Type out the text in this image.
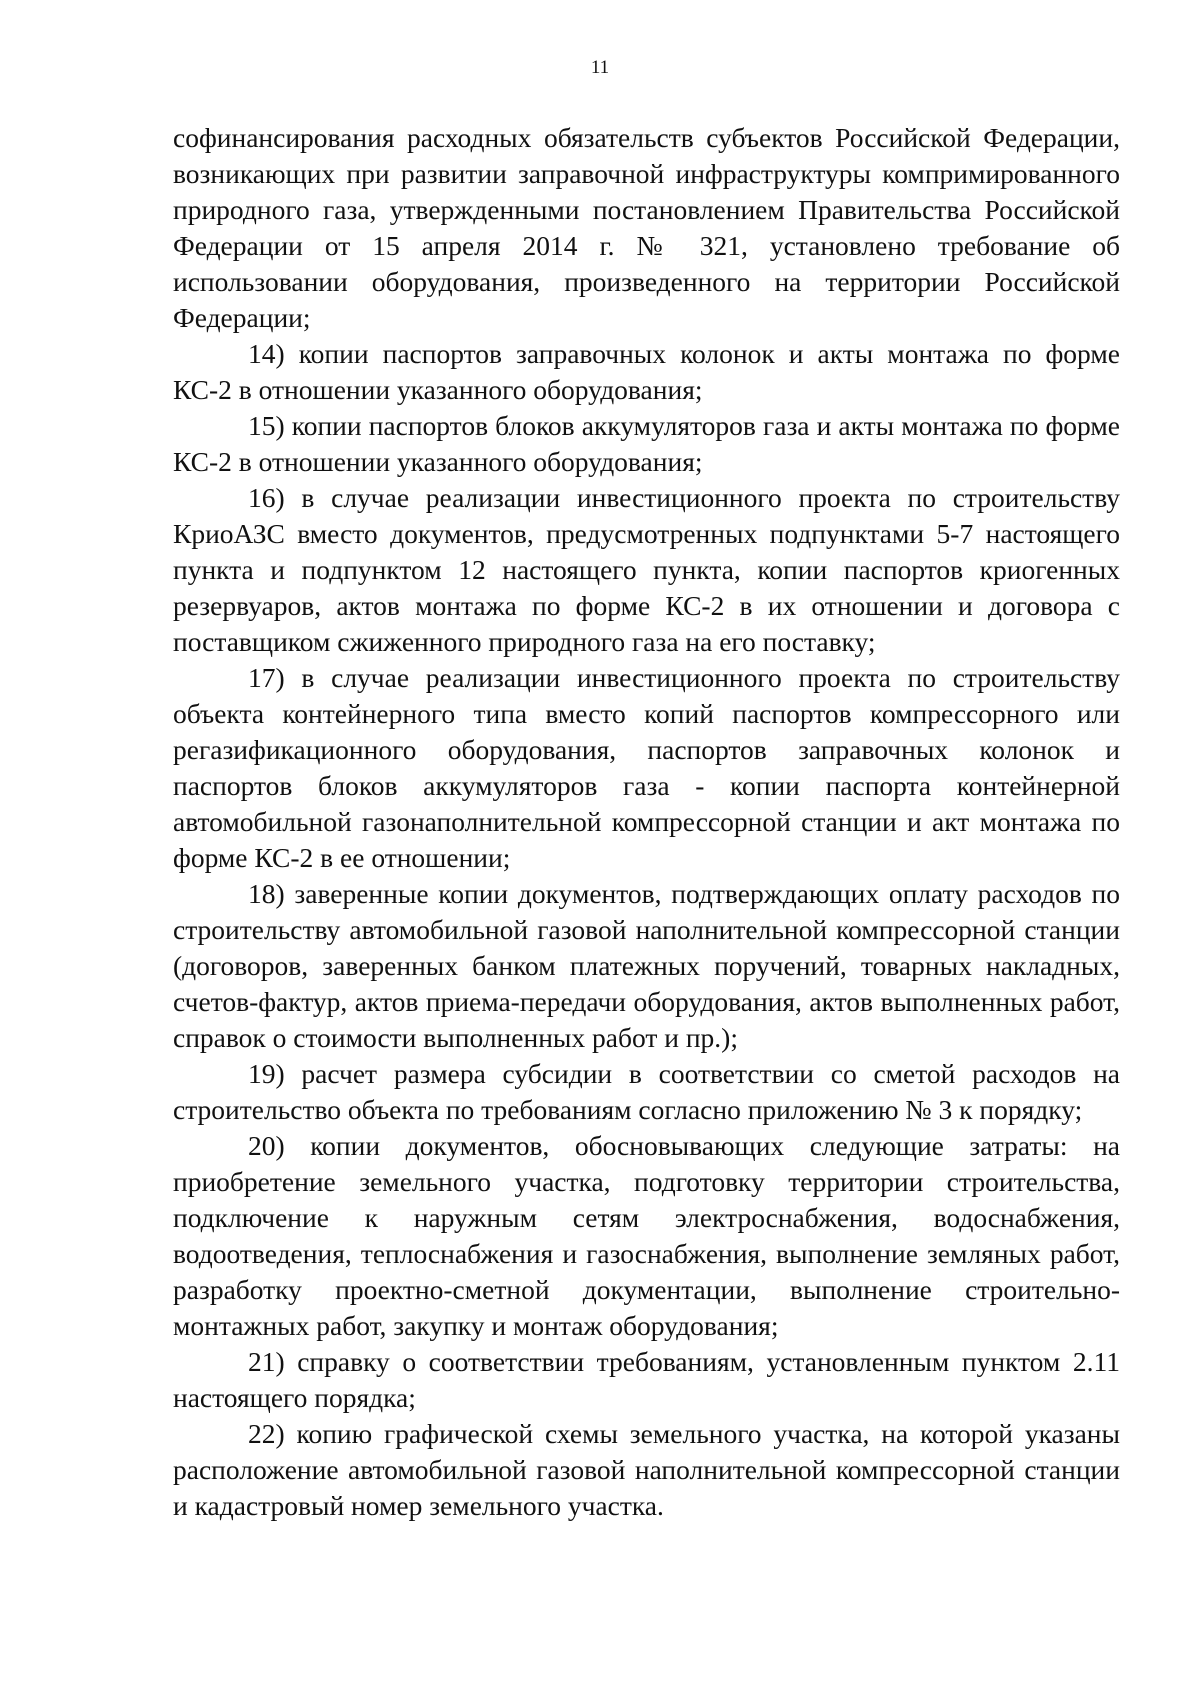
11

софинансирования расходных обязательств субъектов Российской Федерации, возникающих при развитии заправочной инфраструктуры компримированного природного газа, утвержденными постановлением Правительства Российской Федерации от 15 апреля 2014 г. № 321, установлено требование об использовании оборудования, произведенного на территории Российской Федерации;

14) копии паспортов заправочных колонок и акты монтажа по форме КС-2 в отношении указанного оборудования;

15) копии паспортов блоков аккумуляторов газа и акты монтажа по форме КС-2 в отношении указанного оборудования;

16) в случае реализации инвестиционного проекта по строительству КриоАЗС вместо документов, предусмотренных подпунктами 5-7 настоящего пункта и подпунктом 12 настоящего пункта, копии паспортов криогенных резервуаров, актов монтажа по форме КС-2 в их отношении и договора с поставщиком сжиженного природного газа на его поставку;

17) в случае реализации инвестиционного проекта по строительству объекта контейнерного типа вместо копий паспортов компрессорного или регазификационного оборудования, паспортов заправочных колонок и паспортов блоков аккумуляторов газа - копии паспорта контейнерной автомобильной газонаполнительной компрессорной станции и акт монтажа по форме КС-2 в ее отношении;

18) заверенные копии документов, подтверждающих оплату расходов по строительству автомобильной газовой наполнительной компрессорной станции (договоров, заверенных банком платежных поручений, товарных накладных, счетов-фактур, актов приема-передачи оборудования, актов выполненных работ, справок о стоимости выполненных работ и пр.);

19) расчет размера субсидии в соответствии со сметой расходов на строительство объекта по требованиям согласно приложению № 3 к порядку;

20) копии документов, обосновывающих следующие затраты: на приобретение земельного участка, подготовку территории строительства, подключение к наружным сетям электроснабжения, водоснабжения, водоотведения, теплоснабжения и газоснабжения, выполнение земляных работ, разработку проектно-сметной документации, выполнение строительно-монтажных работ, закупку и монтаж оборудования;

21) справку о соответствии требованиям, установленным пунктом 2.11 настоящего порядка;

22) копию графической схемы земельного участка, на которой указаны расположение автомобильной газовой наполнительной компрессорной станции и кадастровый номер земельного участка.
